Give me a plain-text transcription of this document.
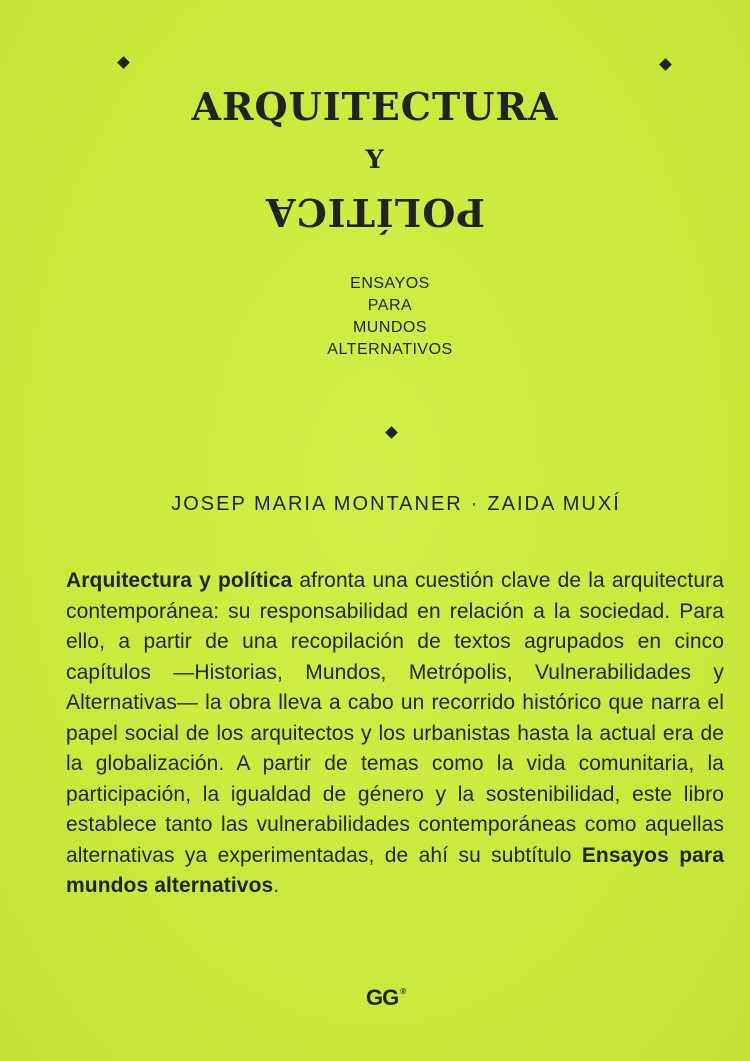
ARQUITECTURA
Y
POLÍTICA
ENSAYOS
PARA
MUNDOS
ALTERNATIVOS
JOSEP MARIA MONTANER · ZAIDA MUXÍ
Arquitectura y política afronta una cuestión clave de la arquitectura contemporánea: su responsabilidad en relación a la sociedad. Para ello, a partir de una recopilación de textos agrupados en cinco capítulos —Historias, Mundos, Metrópolis, Vulnerabilidades y Alternativas— la obra lleva a cabo un recorrido histórico que narra el papel social de los arquitectos y los urbanistas hasta la actual era de la globalización. A partir de temas como la vida comunitaria, la participación, la igualdad de género y la sostenibilidad, este libro establece tanto las vulnerabilidades contemporáneas como aquellas alternativas ya experimentadas, de ahí su subtítulo Ensayos para mundos alternativos.
GG ®
